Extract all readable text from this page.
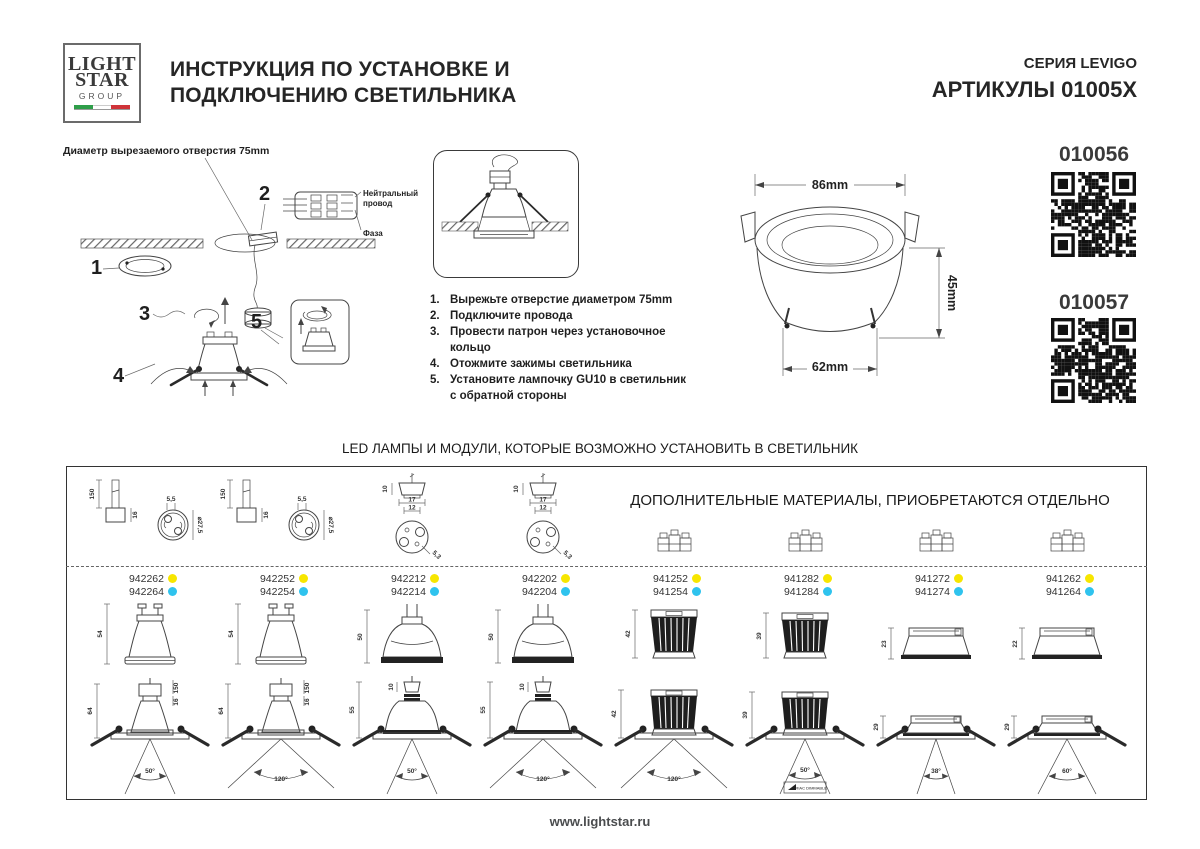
LIGHT
STAR
GROUP
ИНСТРУКЦИЯ ПО УСТАНОВКЕ И
ПОДКЛЮЧЕНИЮ СВЕТИЛЬНИКА
СЕРИЯ LEVIGO
АРТИКУЛЫ 01005X
Диаметр вырезаемого отверстия 75mm
1
2	Нейтральный
провод
Фаза
3	5
4
1. Вырежьте отверстие диаметром 75mm
2. Подключите провода
3. Провести патрон через установочное кольцо
4. Отожмите зажимы светильника
5. Установите лампочку GU10 в светильник с обратной стороны
86mm
45mm
62mm
010056
010057
LED ЛАМПЫ И МОДУЛИ, КОТОРЫЕ ВОЗМОЖНО УСТАНОВИТЬ В СВЕТИЛЬНИК
ДОПОЛНИТЕЛЬНЫЕ МАТЕРИАЛЫ, ПРИОБРЕТАЮТСЯ ОТДЕЛЬНО
150
16
5,5
⌀27,5
942262
942264
54
150
16
64
50°
150
16
5,5
⌀27,5
942252
942254
54
150
16
64
120°
10
17
12
5,3
942212
942214
50
10
55
50°
10
17
12
5,3
942202
942204
50
10
55
120°
941252
941254
42
42
120°
941282
941284
39
39
50°
TRIAC DIMMABLE
941272
941274
23
29
38°
941262
941264
22
29
60°
www.lightstar.ru
